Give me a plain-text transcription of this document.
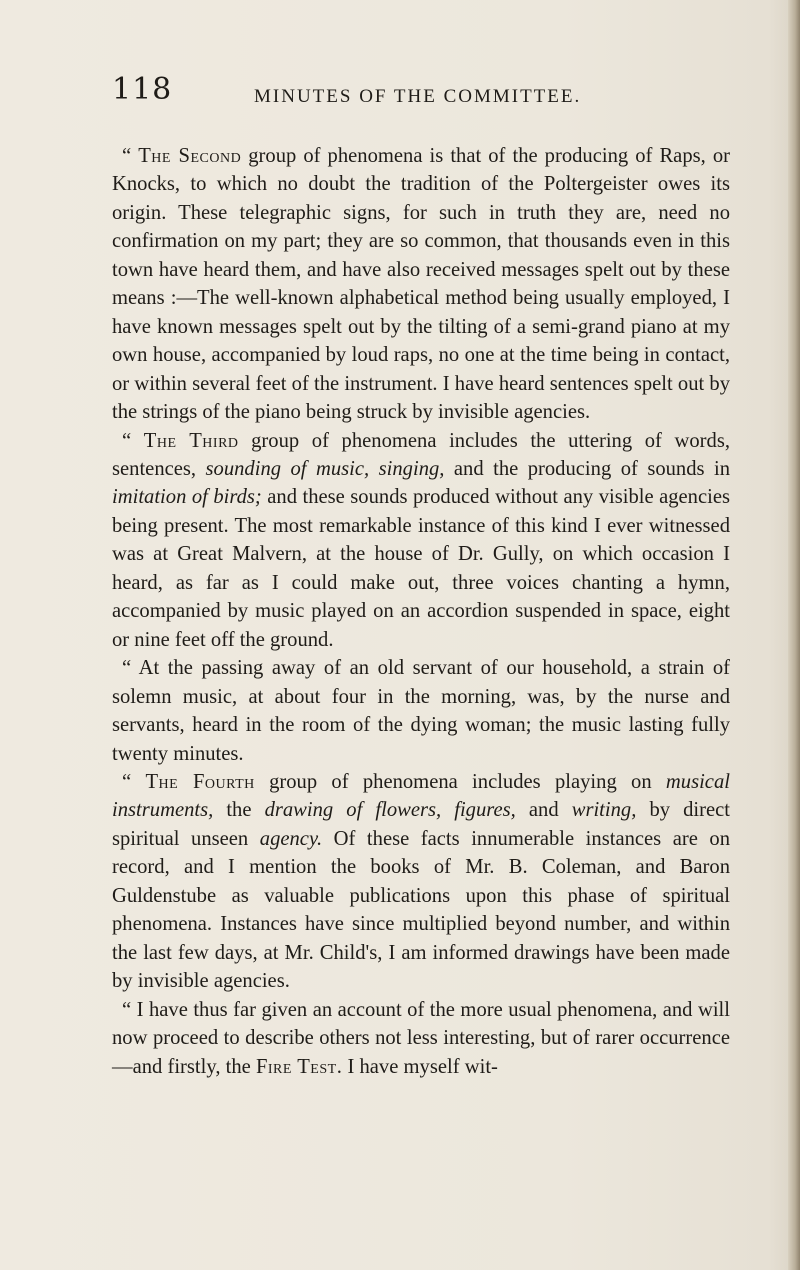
118	MINUTES OF THE COMMITTEE.

“ The Second group of phenomena is that of the producing of Raps, or Knocks, to which no doubt the tradition of the Poltergeister owes its origin. These telegraphic signs, for such in truth they are, need no confirmation on my part; they are so common, that thousands even in this town have heard them, and have also received messages spelt out by these means :—The well-known alphabetical method being usually employed, I have known messages spelt out by the tilting of a semi-grand piano at my own house, accompanied by loud raps, no one at the time being in contact, or within several feet of the instrument. I have heard sentences spelt out by the strings of the piano being struck by invisible agencies.

“ The Third group of phenomena includes the uttering of words, sentences, sounding of music, singing, and the producing of sounds in imitation of birds; and these sounds produced without any visible agencies being present. The most remarkable instance of this kind I ever witnessed was at Great Malvern, at the house of Dr. Gully, on which occasion I heard, as far as I could make out, three voices chanting a hymn, accompanied by music played on an accordion suspended in space, eight or nine feet off the ground.

“ At the passing away of an old servant of our household, a strain of solemn music, at about four in the morning, was, by the nurse and servants, heard in the room of the dying woman; the music lasting fully twenty minutes.

“ The Fourth group of phenomena includes playing on musical instruments, the drawing of flowers, figures, and writing, by direct spiritual unseen agency. Of these facts innumerable instances are on record, and I mention the books of Mr. B. Coleman, and Baron Guldenstube as valuable publications upon this phase of spiritual phenomena. Instances have since multiplied beyond number, and within the last few days, at Mr. Child's, I am informed drawings have been made by invisible agencies.

“ I have thus far given an account of the more usual phenomena, and will now proceed to describe others not less interesting, but of rarer occurrence—and firstly, the Fire Test. I have myself wit-
